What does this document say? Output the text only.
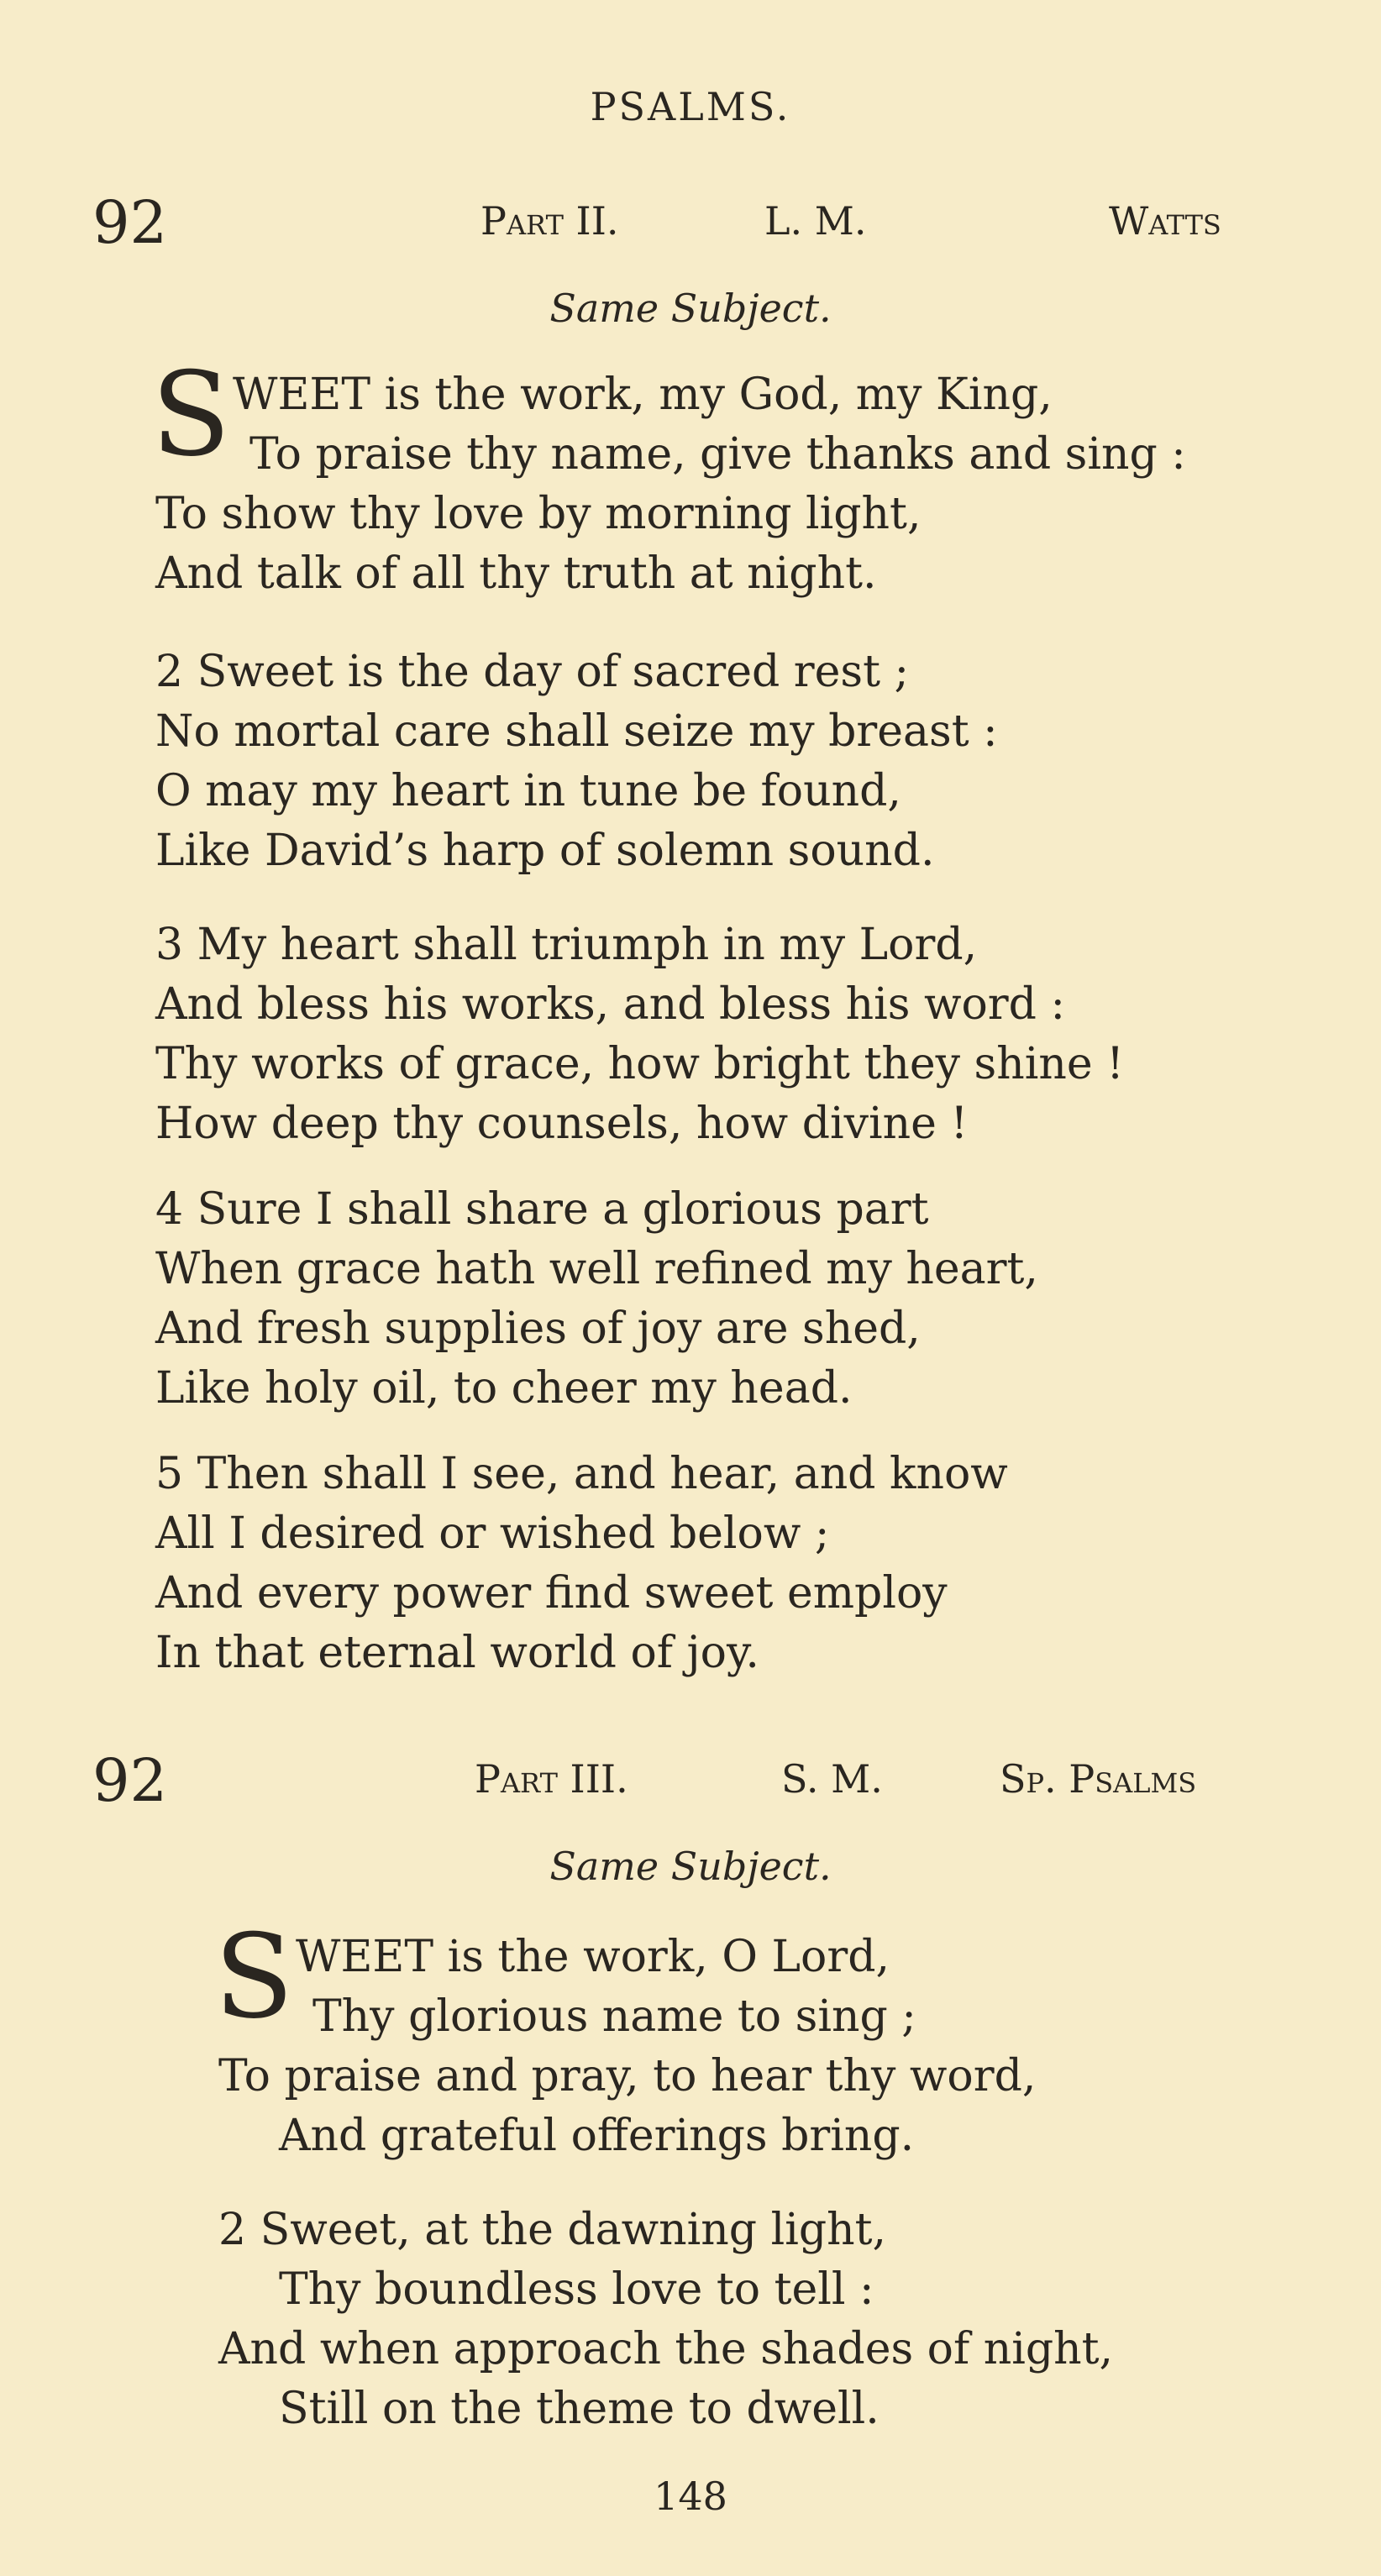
PSALMS.
92	Part II.	L. M.	Watts
Same Subject.
S WEET is the work, my God, my King,
To praise thy name, give thanks and sing :
To show thy love by morning light,
And talk of all thy truth at night.
2 Sweet is the day of sacred rest ;
No mortal care shall seize my breast :
O may my heart in tune be found,
Like David’s harp of solemn sound.
3 My heart shall triumph in my Lord,
And bless his works, and bless his word :
Thy works of grace, how bright they shine !
How deep thy counsels, how divine !
4 Sure I shall share a glorious part
When grace hath well refined my heart,
And fresh supplies of joy are shed,
Like holy oil, to cheer my head.
5 Then shall I see, and hear, and know
All I desired or wished below ;
And every power find sweet employ
In that eternal world of joy.
92	Part III.	S. M.	Sp. Psalms
Same Subject.
S WEET is the work, O Lord,
Thy glorious name to sing ;
To praise and pray, to hear thy word,
And grateful offerings bring.
2 Sweet, at the dawning light,
Thy boundless love to tell :
And when approach the shades of night,
Still on the theme to dwell.
148
